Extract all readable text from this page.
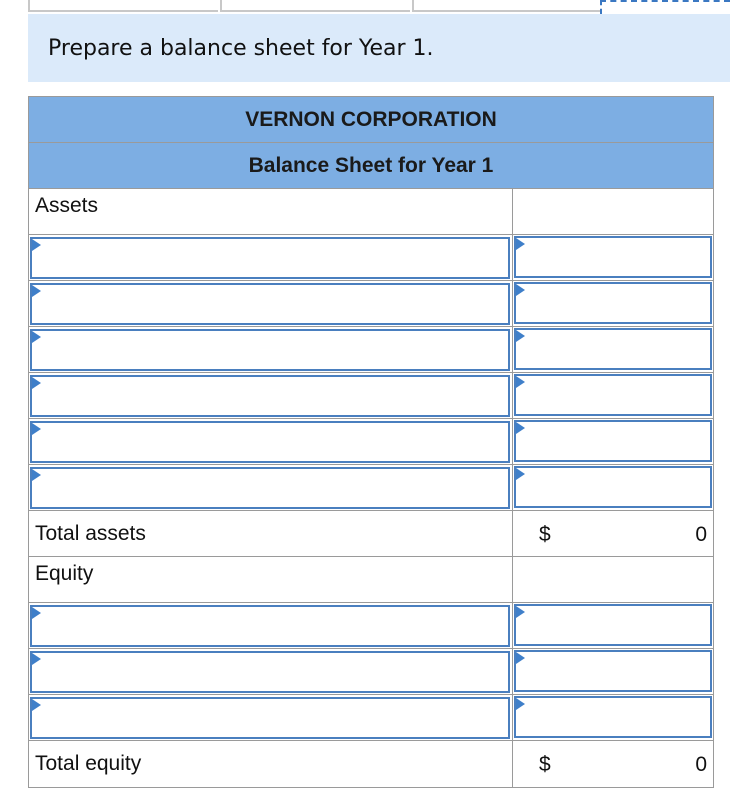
Prepare a balance sheet for Year 1.
VERNON CORPORATION
Balance Sheet for Year 1
Assets
Total assets	$	0
Equity
Total equity	$	0
